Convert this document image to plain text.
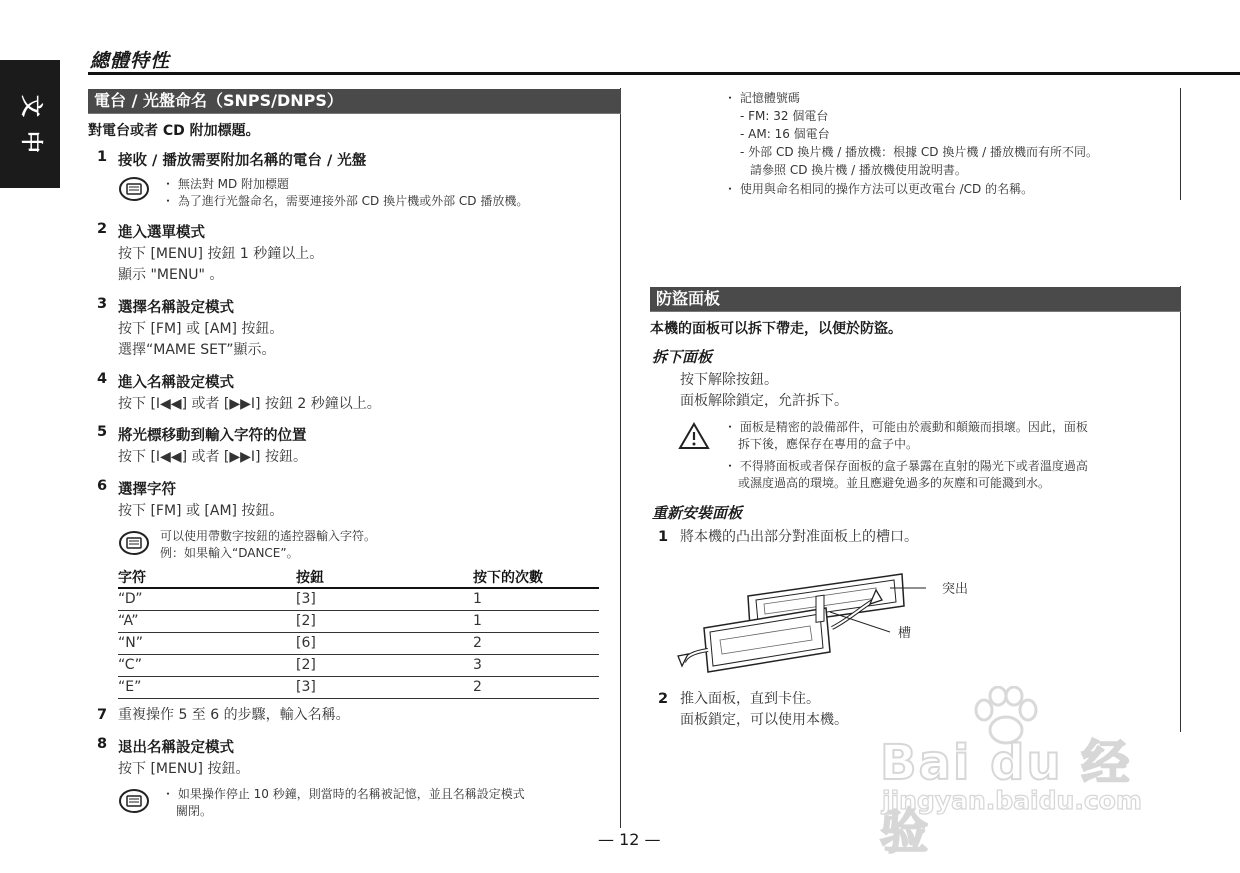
總體特性
文
中
電台 / 光盤命名（SNPS/DNPS）
對電台或者 CD 附加標題。
1 接收 / 播放需要附加名稱的電台 / 光盤
・ 無法對 MD 附加標題
・ 為了進行光盤命名，需要連接外部 CD 換片機或外部 CD 播放機。
2 進入選單模式
按下 [MENU] 按鈕 1 秒鐘以上。
顯示 "MENU" 。
3 選擇名稱設定模式
按下 [FM] 或 [AM] 按鈕。
選擇“MAME SET”顯示。
4 進入名稱設定模式
按下 [I◀◀] 或者 [▶▶I] 按鈕 2 秒鐘以上。
5 將光標移動到輸入字符的位置
按下 [I◀◀] 或者 [▶▶I] 按鈕。
6 選擇字符
按下 [FM] 或 [AM] 按鈕。
可以使用帶數字按鈕的遙控器輸入字符。
例：如果輸入“DANCE”。
字符	按鈕	按下的次數
“D”	[3]	1
“A”	[2]	1
“N”	[6]	2
“C”	[2]	3
“E”	[3]	2
7 重複操作 5 至 6 的步驟，輸入名稱。
8 退出名稱設定模式
按下 [MENU] 按鈕。
・ 如果操作停止 10 秒鐘，則當時的名稱被記憶，並且名稱設定模式
關閉。
・ 記憶體號碼
- FM: 32 個電台
- AM: 16 個電台
- 外部 CD 換片機 / 播放機：根據 CD 換片機 / 播放機而有所不同。
請參照 CD 換片機 / 播放機使用說明書。
・ 使用與命名相同的操作方法可以更改電台 /CD 的名稱。
防盜面板
本機的面板可以拆下帶走，以便於防盜。
拆下面板
按下解除按鈕。
面板解除鎖定，允許拆下。
・ 面板是精密的設備部件，可能由於震動和顛簸而損壞。因此，面板
拆下後，應保存在專用的盒子中。
・ 不得將面板或者保存面板的盒子暴露在直射的陽光下或者溫度過高
或濕度過高的環境。並且應避免過多的灰塵和可能濺到水。
重新安裝面板
1 將本機的凸出部分對准面板上的槽口。
突出
槽
2 推入面板，直到卡住。
面板鎖定，可以使用本機。
— 12 —
Bai du 经验
jingyan.baidu.com
